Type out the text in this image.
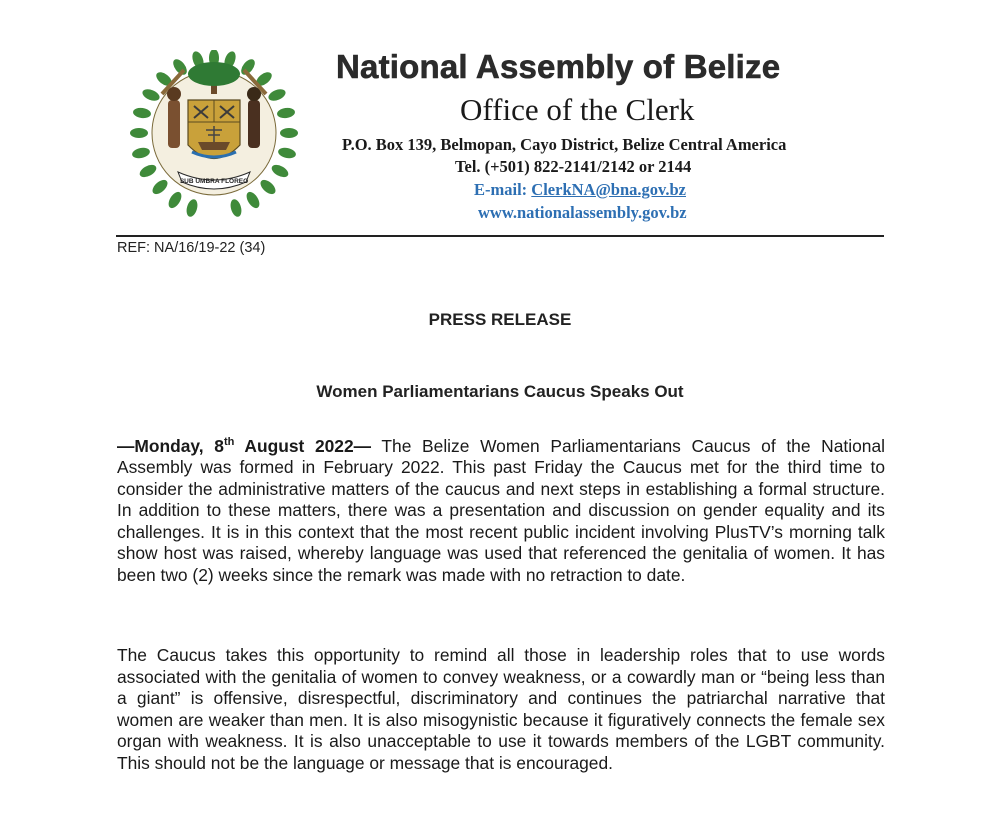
SUB UMBRA FLOREO
National Assembly of Belize
Office of the Clerk
P.O. Box 139, Belmopan, Cayo District, Belize Central America
Tel. (+501) 822-2141/2142 or 2144
E-mail: ClerkNA@bna.gov.bz
www.nationalassembly.gov.bz
REF: NA/16/19-22 (34)
PRESS RELEASE
Women Parliamentarians Caucus Speaks Out

—Monday, 8th August 2022— The Belize Women Parliamentarians Caucus of the National Assembly was formed in February 2022. This past Friday the Caucus met for the third time to consider the administrative matters of the caucus and next steps in establishing a formal structure. In addition to these matters, there was a presentation and discussion on gender equality and its challenges. It is in this context that the most recent public incident involving PlusTV’s morning talk show host was raised, whereby language was used that referenced the genitalia of women. It has been two (2) weeks since the remark was made with no retraction to date.

The Caucus takes this opportunity to remind all those in leadership roles that to use words associated with the genitalia of women to convey weakness, or a cowardly man or “being less than a giant” is offensive, disrespectful, discriminatory and continues the patriarchal narrative that women are weaker than men. It is also misogynistic because it figuratively connects the female sex organ with weakness. It is also unacceptable to use it towards members of the LGBT community. This should not be the language or message that is encouraged.
